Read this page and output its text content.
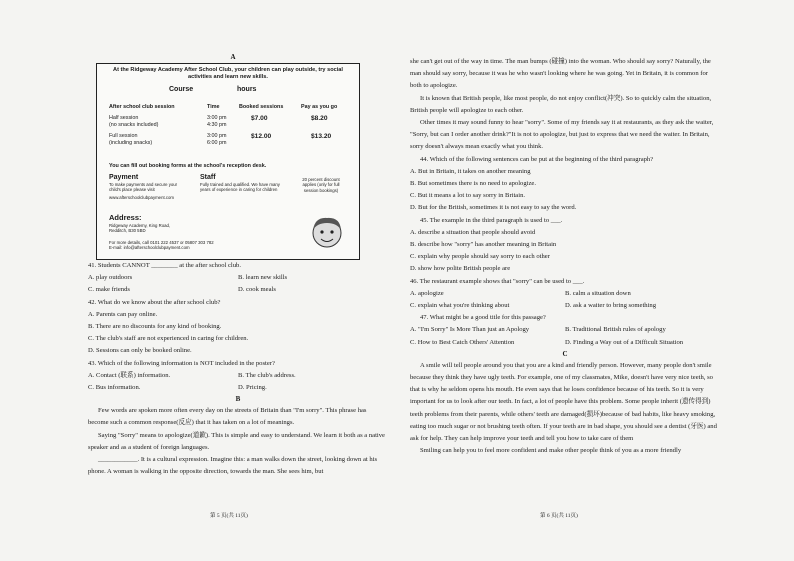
A
At the Ridgeway Academy After School Club, your children can play outside, try social activities and learn new skills.
Course	hours
After school club session	Time	Booked sessions	Pay as you go
Half session
(no snacks included)	3:00 pm
4:30 pm	$7.00	$8.20
Full session
(including snacks)	3:00 pm
6:00 pm	$12.00	$13.20
You can fill out booking forms at the school's reception desk.
Payment
To make payments and secure your child's place please visit
www.afterschoolclubpayment.com
Staff
Fully trained and qualified. We have many years of experience in caring for children
20 percent discount applies (only for full session bookings)
Address:
Ridgeway Academy, King Road, Redditch, B30 5BD
For more details, call 0101 222 4537 or 05807 303 782
E-mail: info@afterschoolclubpayment.com

41. Students CANNOT ________ at the after school club.

A. play outdoors	B. learn new skills
C. make friends	D. cook meals

42. What do we know about the after school club?

A. Parents can pay online.

B. There are no discounts for any kind of booking.

C. The club's staff are not experienced in caring for children.

D. Sessions can only be booked online.

43. Which of the following information is NOT included in the poster?

A. Contact (联系) information.	B. The club's address.
C. Bus information.	D. Pricing.

B

Few words are spoken more often every day on the streets of Britain than "I'm sorry". This phrase has become such a common response(反应) that it has taken on a lot of meanings.

Saying "Sorry" means to apologize(道歉). This is simple and easy to understand. We learn it both as a native speaker and as a student of foreign languages.

____________. It is a cultural expression. Imagine this: a man walks down the street, looking down at his phone. A woman is walking in the opposite direction, towards the man. She sees him, but

第 5 页(共 11页)

she can't get out of the way in time. The man bumps (碰撞) into the woman. Who should say sorry? Naturally, the man should say sorry, because it was he who wasn't looking where he was going. Yet in Britain, it is common for both to apologize.

It is known that British people, like most people, do not enjoy conflict(冲突). So to quickly calm the situation, British people will apologize to each other.

Other times it may sound funny to hear "sorry". Some of my friends say it at restaurants, as they ask the waiter, "Sorry, but can I order another drink?"It is not to apologize, but just to express that we need the waiter. In Britain, sorry doesn't always mean exactly what you think.

44. Which of the following sentences can be put at the beginning of the third paragraph?

A. But in Britain, it takes on another meaning

B. But sometimes there is no need to apologize.

C. But it means a lot to say sorry in Britain.

D. But for the British, sometimes it is not easy to say the word.

45. The example in the third paragraph is used to ___.

A. describe a situation that people should avoid

B. describe how "sorry" has another meaning in Britain

C. explain why people should say sorry to each other

D. show how polite British people are

46. The restaurant example shows that "sorry" can be used to ___.

A. apologize	B. calm a situation down
C. explain what you're thinking about	D. ask a waiter to bring something

47. What might be a good title for this passage?

A. "I'm Sorry" Is More Than just an Apology	B. Traditional British rules of apology
C. How to Best Catch Others' Attention	D. Finding a Way out of a Difficult Situation

C

A smile will tell people around you that you are a kind and friendly person. However, many people don't smile because they think they have ugly teeth. For example, one of my classmates, Mike, doesn't have very nice teeth, so that is why he seldom opens his mouth. He even says that he loses confidence because of his teeth. So it is very important for us to look after our teeth. In fact, a lot of people have this problem. Some people inherit (遗传得到) teeth problems from their parents, while others' teeth are damaged(损坏)because of bad habits, like heavy smoking, eating too much sugar or not brushing teeth often. If your teeth are in bad shape, you should see a dentist (牙医) and ask for help. They can help improve your teeth and tell you how to take care of them

Smiling can help you to feel more confident and make other people think of you as a more friendly

第 6 页(共 11页)
